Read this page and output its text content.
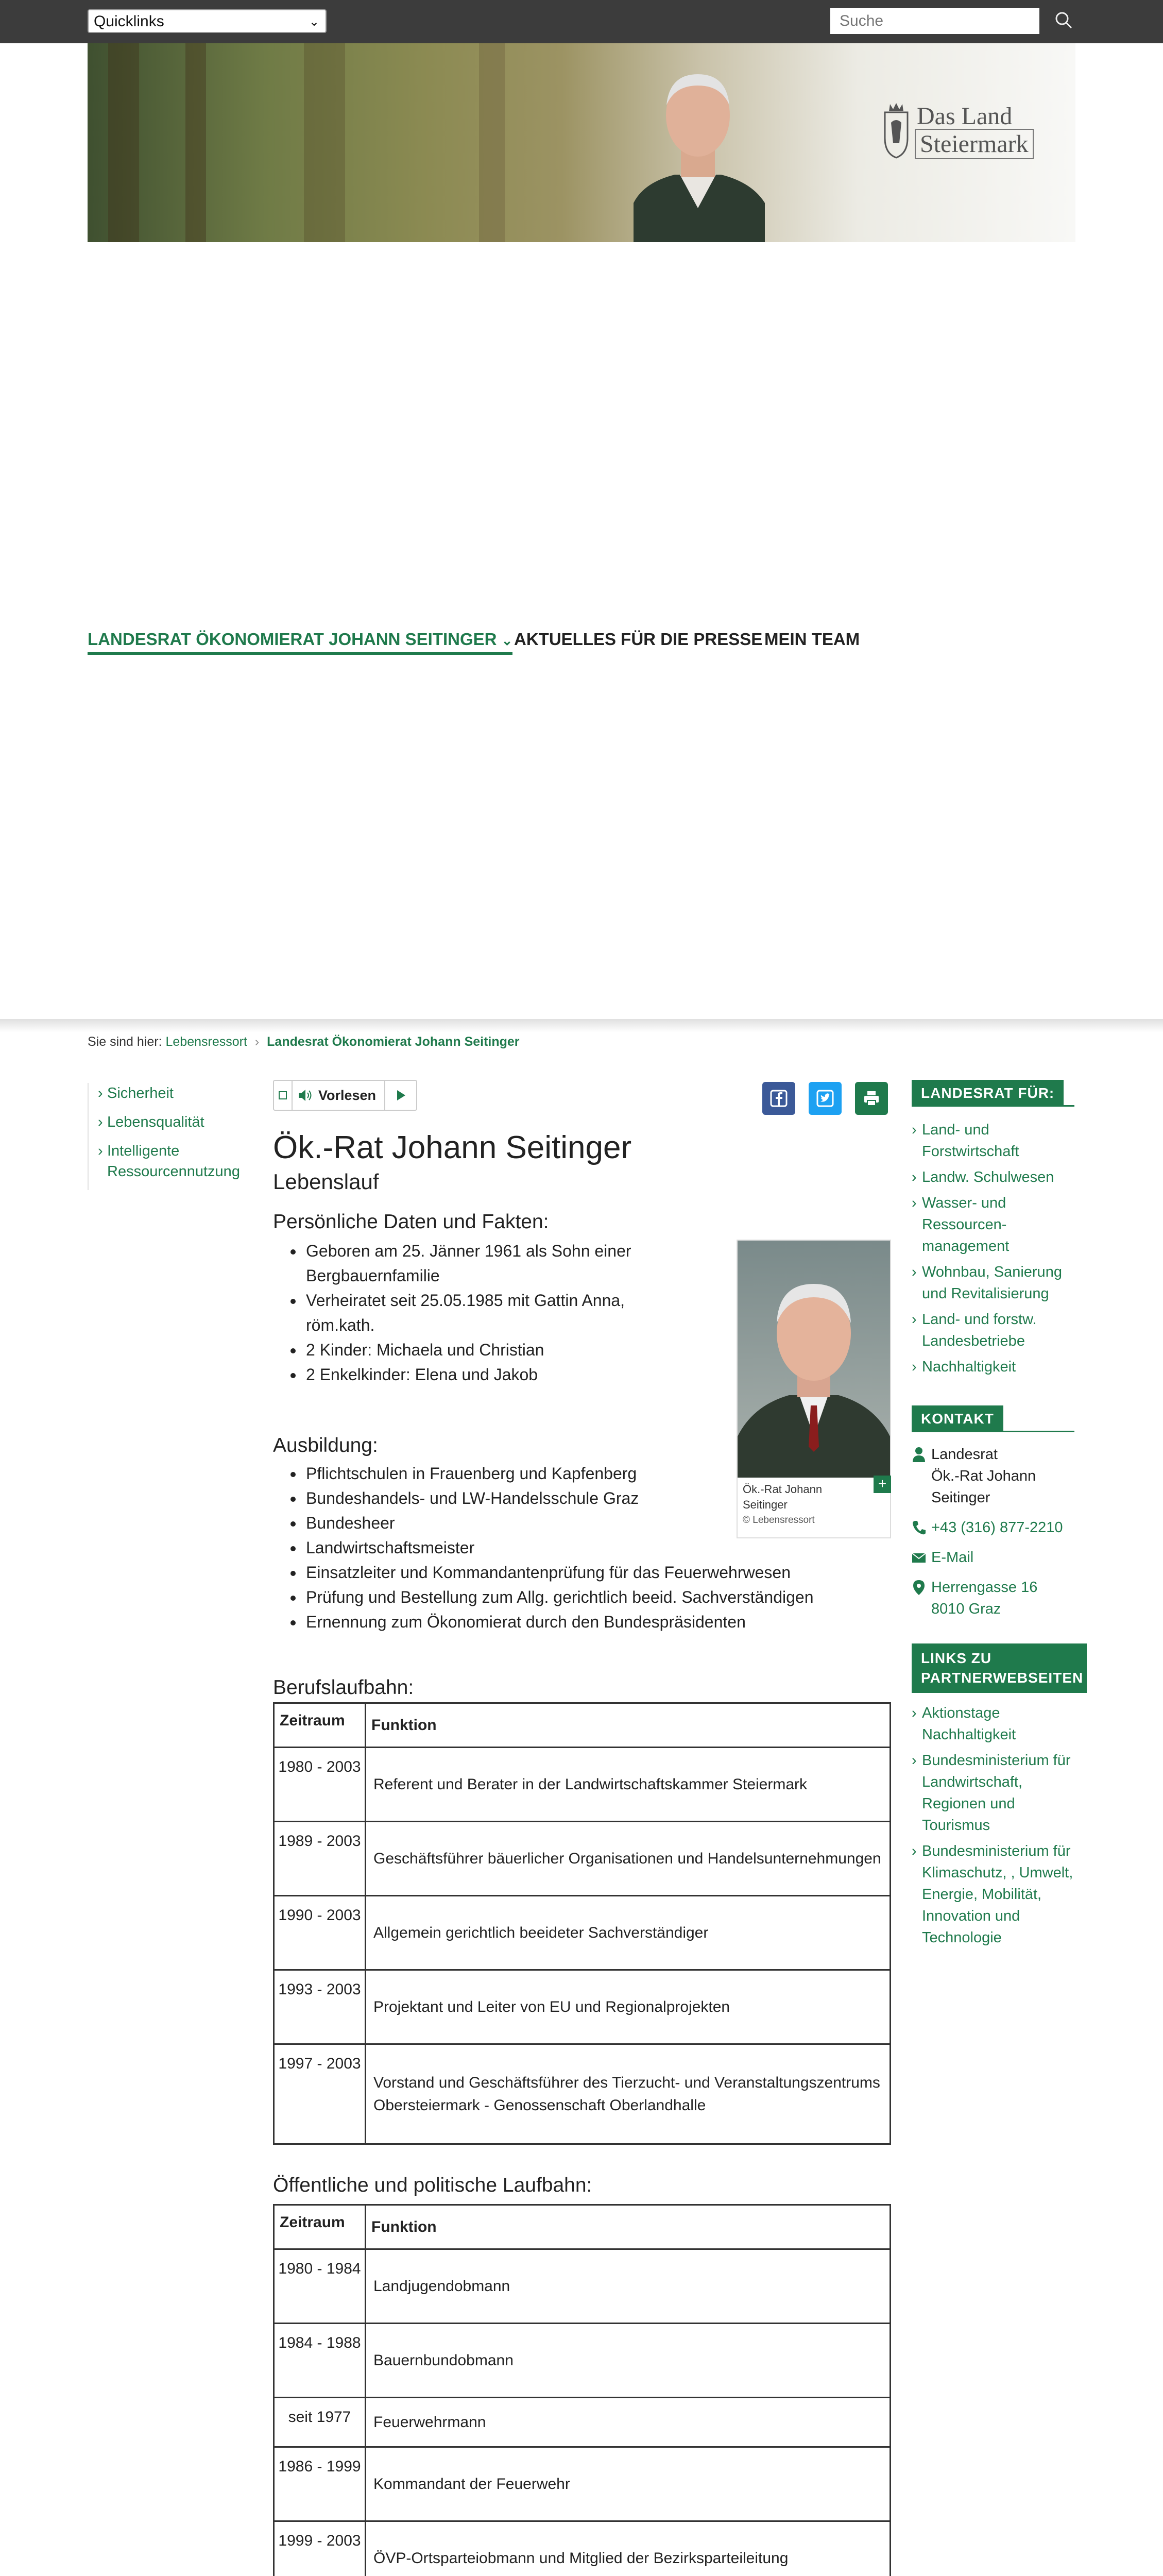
Quicklinks	⌄
Suche
Das Land
Steiermark
LANDESRAT ÖKONOMIERAT JOHANN SEITINGER ⌄ AKTUELLES FÜR DIE PRESSE MEIN TEAM
Sie sind hier: Lebensressort › Landesrat Ökonomierat Johann Seitinger
› Sicherheit
› Lebensqualität
› Intelligente Ressourcennutzung
Vorlesen
Ök.-Rat Johann Seitinger
Lebenslauf
Persönliche Daten und Fakten:
• Geboren am 25. Jänner 1961 als Sohn einer Bergbauernfamilie
• Verheiratet seit 25.05.1985 mit Gattin Anna, röm.kath.
• 2 Kinder: Michaela und Christian
• 2 Enkelkinder: Elena und Jakob
Ök.-Rat Johann Seitinger
© Lebensressort
+
Ausbildung:
• Pflichtschulen in Frauenberg und Kapfenberg
• Bundeshandels- und LW-Handelsschule Graz
• Bundesheer
• Landwirtschaftsmeister
• Einsatzleiter und Kommandantenprüfung für das Feuerwehrwesen
• Prüfung und Bestellung zum Allg. gerichtlich beeid. Sachverständigen
• Ernennung zum Ökonomierat durch den Bundespräsidenten
Berufslaufbahn:
Zeitraum	Funktion
1980 - 2003	Referent und Berater in der Landwirtschaftskammer Steiermark
1989 - 2003	Geschäftsführer bäuerlicher Organisationen und Handelsunternehmungen
1990 - 2003	Allgemein gerichtlich beeideter Sachverständiger
1993 - 2003	Projektant und Leiter von EU und Regionalprojekten
1997 - 2003	Vorstand und Geschäftsführer des Tierzucht- und Veranstaltungszentrums Obersteiermark - Genossenschaft Oberlandhalle
Öffentliche und politische Laufbahn:
Zeitraum	Funktion
1980 - 1984	Landjugendobmann
1984 - 1988	Bauernbundobmann
seit 1977	Feuerwehrmann
1986 - 1999	Kommandant der Feuerwehr
1999 - 2003	ÖVP-Ortsparteiobmann und Mitglied der Bezirksparteileitung

LANDESRAT FÜR:
› Land- und Forstwirtschaft
› Landw. Schulwesen
› Wasser- und Ressourcen-management
› Wohnbau, Sanierung und Revitalisierung
› Land- und forstw. Landesbetriebe
› Nachhaltigkeit
KONTAKT
Landesrat
Ök.-Rat Johann Seitinger
+43 (316) 877-2210
E-Mail
Herrengasse 16
8010 Graz
LINKS ZU PARTNERWEBSEITEN
› Aktionstage Nachhaltigkeit
› Bundesministerium für Landwirtschaft, Regionen und Tourismus
› Bundesministerium für Klimaschutz, , Umwelt, Energie, Mobilität, Innovation und Technologie
